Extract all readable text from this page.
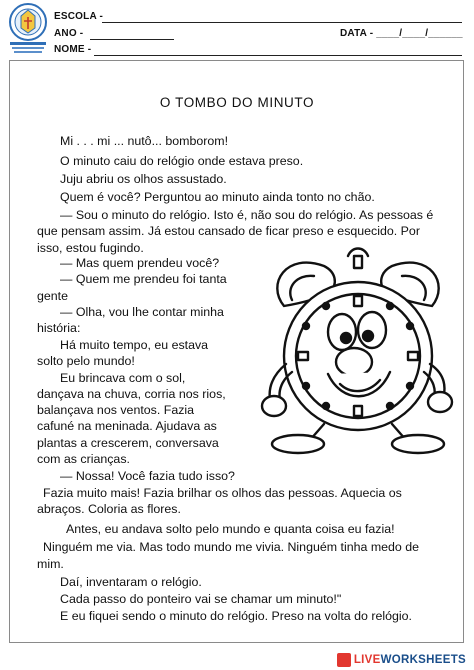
ESCOLA -
ANO -	DATA - ____/____/______
NOME -
O TOMBO DO MINUTO
Mi . . . mi ... nutô... bomborom!
O minuto caiu do relógio onde estava preso.
Juju abriu os olhos assustado.
Quem é você? Perguntou ao minuto ainda tonto no chão.
— Sou o minuto do relógio. Isto é, não sou do relógio. As pessoas é
que pensam assim. Já estou cansado de ficar preso e esquecido. Por
isso, estou fugindo.
— Mas quem prendeu você?
— Quem me prendeu foi tanta
gente
— Olha, vou lhe contar minha
história:
Há muito tempo, eu estava
solto pelo mundo!
Eu brincava com o sol,
dançava na chuva, corria nos rios,
balançava nos ventos. Fazia
cafuné na meninada. Ajudava as
plantas a crescerem, conversava
com as crianças.
— Nossa! Você fazia tudo isso?
Fazia muito mais! Fazia brilhar os olhos das pessoas. Aquecia os
abraços. Coloria as flores.
Antes, eu andava solto pelo mundo e quanta coisa eu fazia!
Ninguém me via. Mas todo mundo me vivia. Ninguém tinha medo de
mim.
Daí, inventaram o relógio.
Cada passo do ponteiro vai se chamar um minuto!"
E eu fiquei sendo o minuto do relógio. Preso na volta do relógio.
LIVEWORKSHEETS
